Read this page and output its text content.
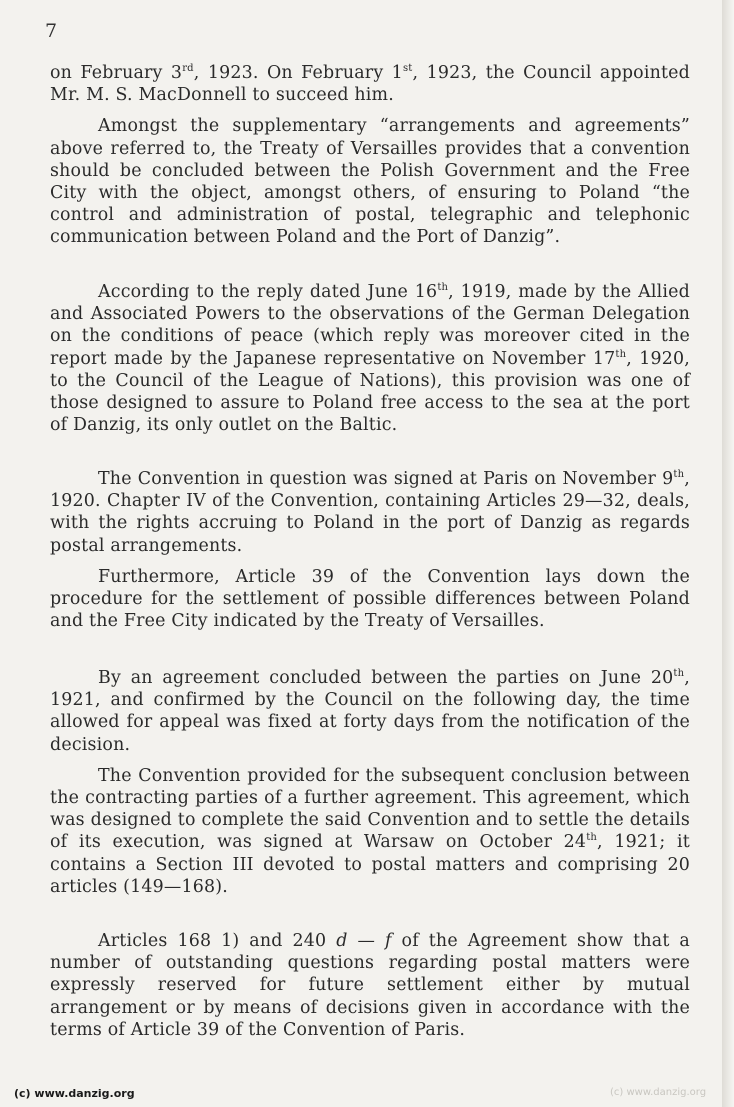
7

on February 3rd, 1923. On February 1st, 1923, the Council appointed Mr. M. S. MacDonnell to succeed him.

Amongst the supplementary “arrangements and agreements” above referred to, the Treaty of Versailles provides that a convention should be concluded between the Polish Government and the Free City with the object, amongst others, of ensuring to Poland “the control and administration of postal, telegraphic and telephonic communication between Poland and the Port of Danzig”.

According to the reply dated June 16th, 1919, made by the Allied and Associated Powers to the observations of the German Delegation on the conditions of peace (which reply was moreover cited in the report made by the Japanese representative on November 17th, 1920, to the Council of the League of Nations), this provision was one of those designed to assure to Poland free access to the sea at the port of Danzig, its only outlet on the Baltic.

The Convention in question was signed at Paris on November 9th, 1920. Chapter IV of the Convention, containing Articles 29—32, deals, with the rights accruing to Poland in the port of Danzig as regards postal arrangements.

Furthermore, Article 39 of the Convention lays down the procedure for the settlement of possible differences between Poland and the Free City indicated by the Treaty of Versailles.

By an agreement concluded between the parties on June 20th, 1921, and confirmed by the Council on the following day, the time allowed for appeal was fixed at forty days from the notification of the decision.

The Convention provided for the subsequent conclusion between the contracting parties of a further agreement. This agreement, which was designed to complete the said Convention and to settle the details of its execution, was signed at Warsaw on October 24th, 1921; it contains a Section III devoted to postal matters and comprising 20 articles (149—168).

Articles 168 1) and 240 d — f of the Agreement show that a number of outstanding questions regarding postal matters were expressly reserved for future settlement either by mutual arrangement or by means of decisions given in accordance with the terms of Article 39 of the Convention of Paris.

(c) www.danzig.org	(c) www.danzig.org
